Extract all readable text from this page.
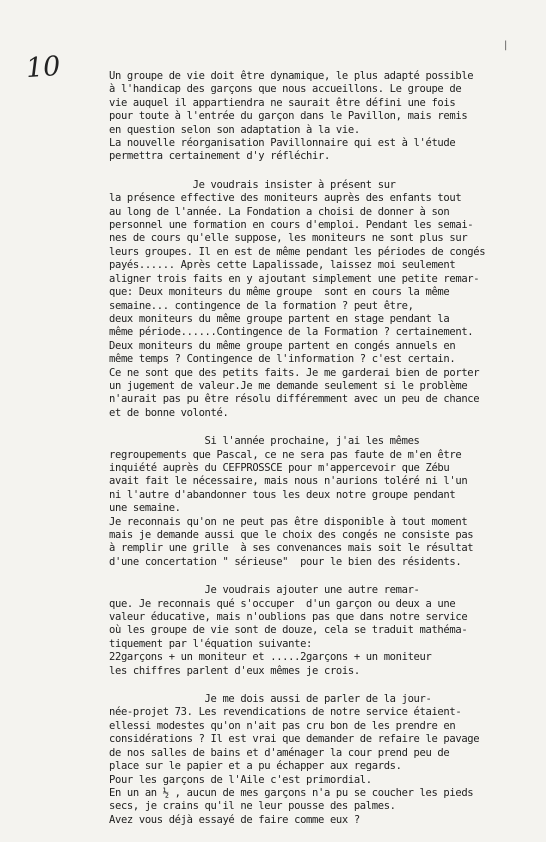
10
|
Un groupe de vie doit être dynamique, le plus adapté possible
à l'handicap des garçons que nous accueillons. Le groupe de
vie auquel il appartiendra ne saurait être défini une fois
pour toute à l'entrée du garçon dans le Pavillon, mais remis
en question selon son adaptation à la vie.
La nouvelle réorganisation Pavillonnaire qui est à l'étude
permettra certainement d'y réfléchir.
Je voudrais insister à présent sur
la présence effective des moniteurs auprès des enfants tout
au long de l'année. La Fondation a choisi de donner à son
personnel une formation en cours d'emploi. Pendant les semai-
nes de cours qu'elle suppose, les moniteurs ne sont plus sur
leurs groupes. Il en est de même pendant les périodes de congés
payés...... Après cette Lapalissade, laissez moi seulement
aligner trois faits en y ajoutant simplement une petite remar-
que: Deux moniteurs du même groupe  sont en cours la même
semaine... contingence de la formation ? peut être,
deux moniteurs du même groupe partent en stage pendant la
même période......Contingence de la Formation ? certainement.
Deux moniteurs du même groupe partent en congés annuels en
même temps ? Contingence de l'information ? c'est certain.
Ce ne sont que des petits faits. Je me garderai bien de porter
un jugement de valeur.Je me demande seulement si le problème
n'aurait pas pu être résolu différemment avec un peu de chance
et de bonne volonté.
Si l'année prochaine, j'ai les mêmes
regroupements que Pascal, ce ne sera pas faute de m'en être
inquiété auprès du CEFPROSSCE pour m'appercevoir que Zébu
avait fait le nécessaire, mais nous n'aurions toléré ni l'un
ni l'autre d'abandonner tous les deux notre groupe pendant
une semaine.
Je reconnais qu'on ne peut pas être disponible à tout moment
mais je demande aussi que le choix des congés ne consiste pas
à remplir une grille  à ses convenances mais soit le résultat
d'une concertation " sérieuse"  pour le bien des résidents.
Je voudrais ajouter une autre remar-
que. Je reconnais qué s'occuper  d'un garçon ou deux a une
valeur éducative, mais n'oublions pas que dans notre service
où les groupe de vie sont de douze, cela se traduit mathéma-
tiquement par l'équation suivante:
22garçons + un moniteur et .....2garçons + un moniteur
les chiffres parlent d'eux mêmes je crois.
Je me dois aussi de parler de la jour-
née-projet 73. Les revendications de notre service étaient-
ellessi modestes qu'on n'ait pas cru bon de les prendre en
considérations ? Il est vrai que demander de refaire le pavage
de nos salles de bains et d'aménager la cour prend peu de
place sur le papier et a pu échapper aux regards.
Pour les garçons de l'Aile c'est primordial.
En un an ½ , aucun de mes garçons n'a pu se coucher les pieds
secs, je crains qu'il ne leur pousse des palmes.
Avez vous déjà essayé de faire comme eux ?
